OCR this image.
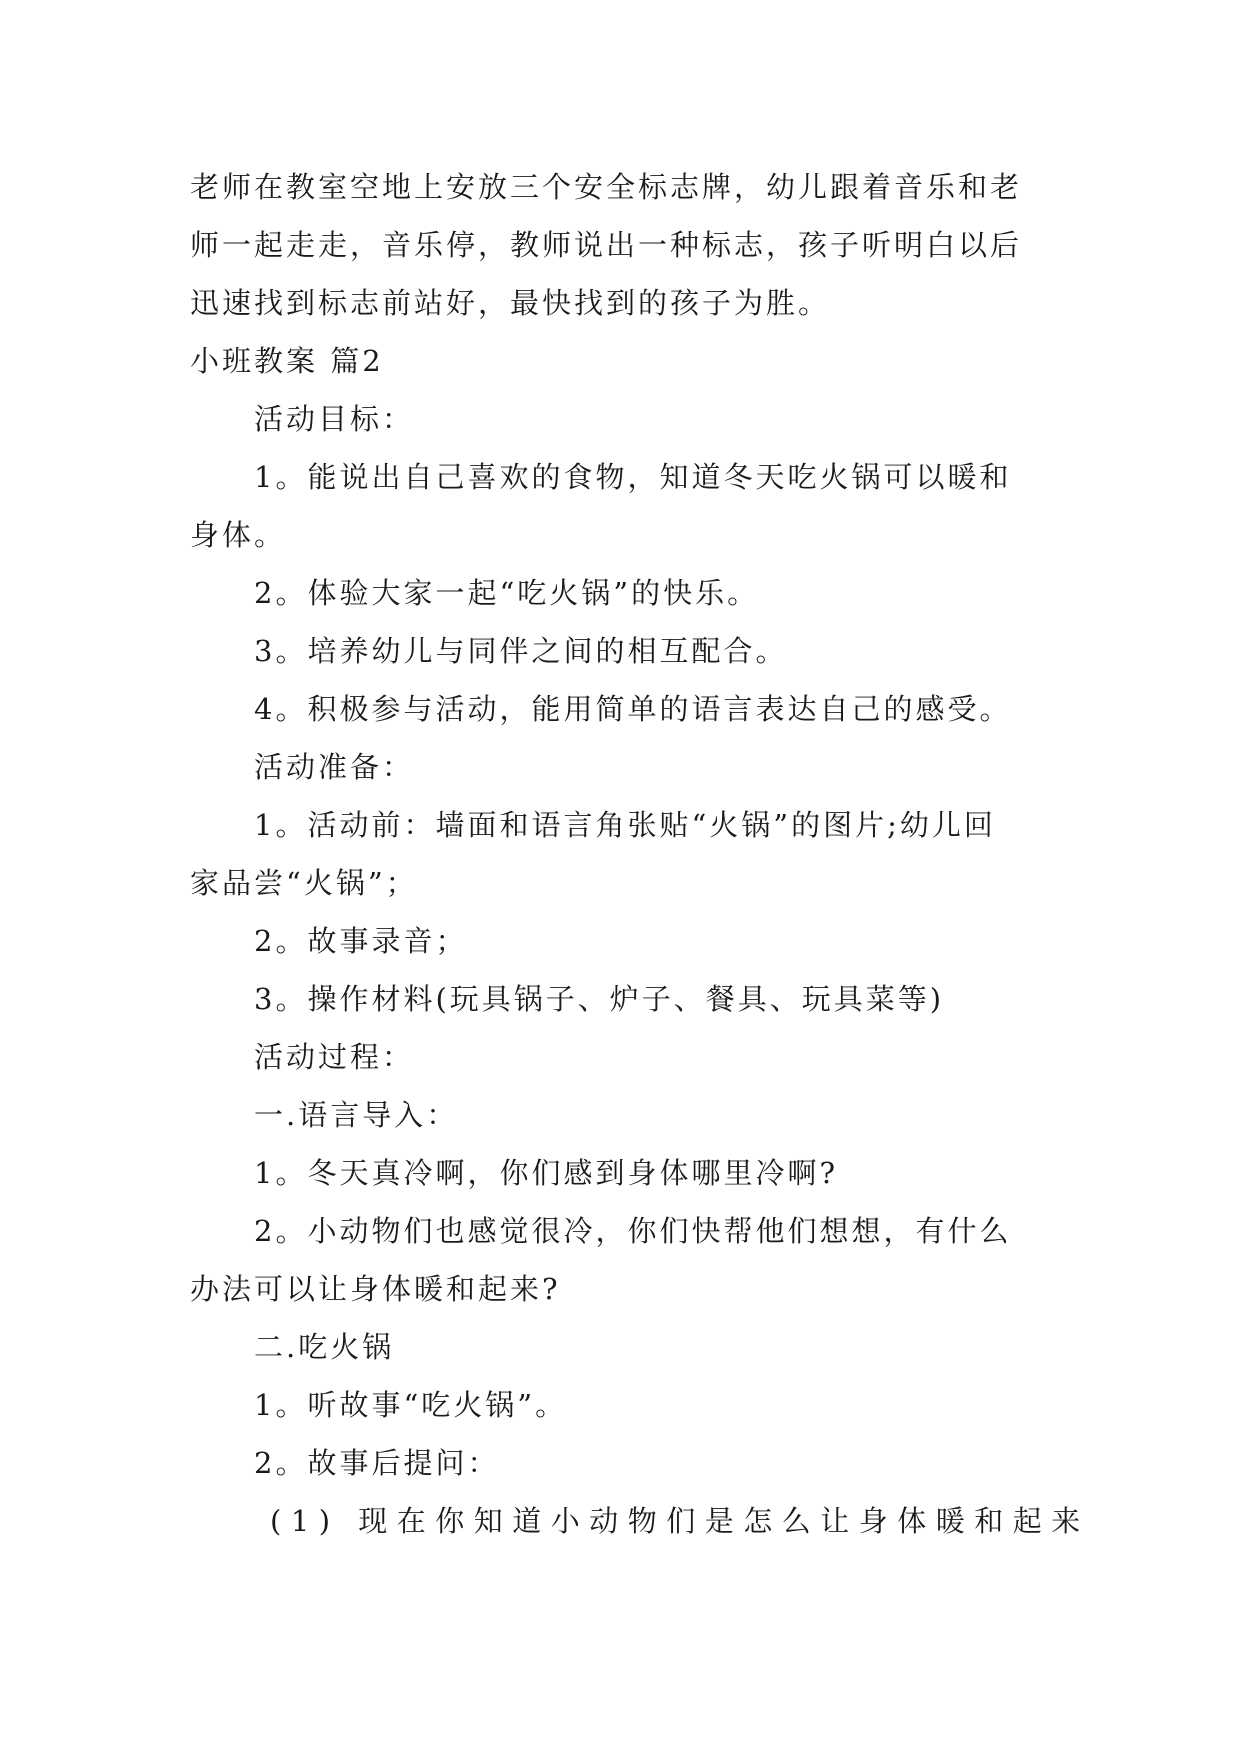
老师在教室空地上安放三个安全标志牌，幼儿跟着音乐和老
师一起走走，音乐停，教师说出一种标志，孩子听明白以后
迅速找到标志前站好，最快找到的孩子为胜。
小班教案 篇2
活动目标：
1。能说出自己喜欢的食物，知道冬天吃火锅可以暖和
身体。
2。体验大家一起“吃火锅”的快乐。
3。培养幼儿与同伴之间的相互配合。
4。积极参与活动，能用简单的语言表达自己的感受。
活动准备：
1。活动前：墙面和语言角张贴“火锅”的图片;幼儿回
家品尝“火锅”；
2。故事录音；
3。操作材料(玩具锅子、炉子、餐具、玩具菜等)
活动过程：
一.语言导入：
1。冬天真冷啊，你们感到身体哪里冷啊?
2。小动物们也感觉很冷，你们快帮他们想想，有什么
办法可以让身体暖和起来?
二.吃火锅
1。听故事“吃火锅”。
2。故事后提问：
(1) 现在你知道小动物们是怎么让身体暖和起来
